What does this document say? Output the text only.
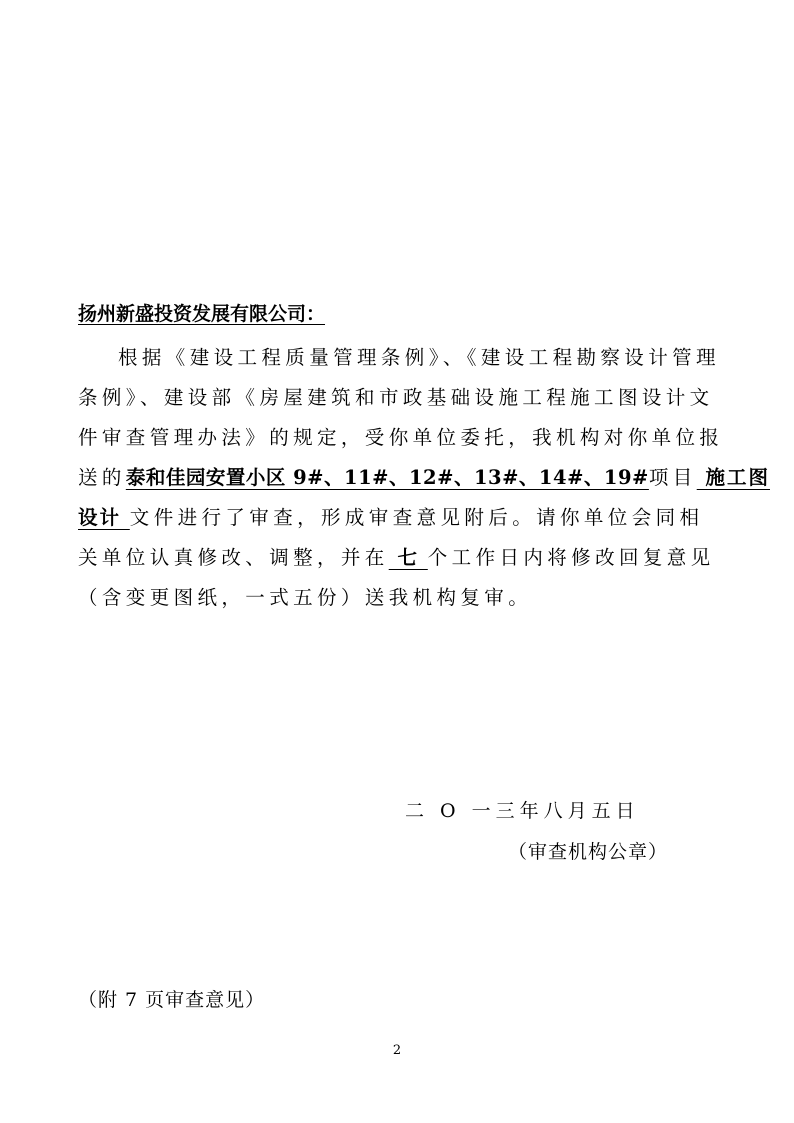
扬州新盛投资发展有限公司：
根据《建设工程质量管理条例》、《建设工程勘察设计管理
条例》、建设部《房屋建筑和市政基础设施工程施工图设计文
件审查管理办法》的规定，受你单位委托，我机构对你单位报
送的泰和佳园安置小区 9#、11#、12#、13#、14#、19#项目 施工图
设计 文件进行了审查，形成审查意见附后。请你单位会同相
关单位认真修改、调整，并在 七 个工作日内将修改回复意见
（含变更图纸，一式五份）送我机构复审。
二 O 一三年八月五日
（审查机构公章）
（附 7 页审查意见）
2
